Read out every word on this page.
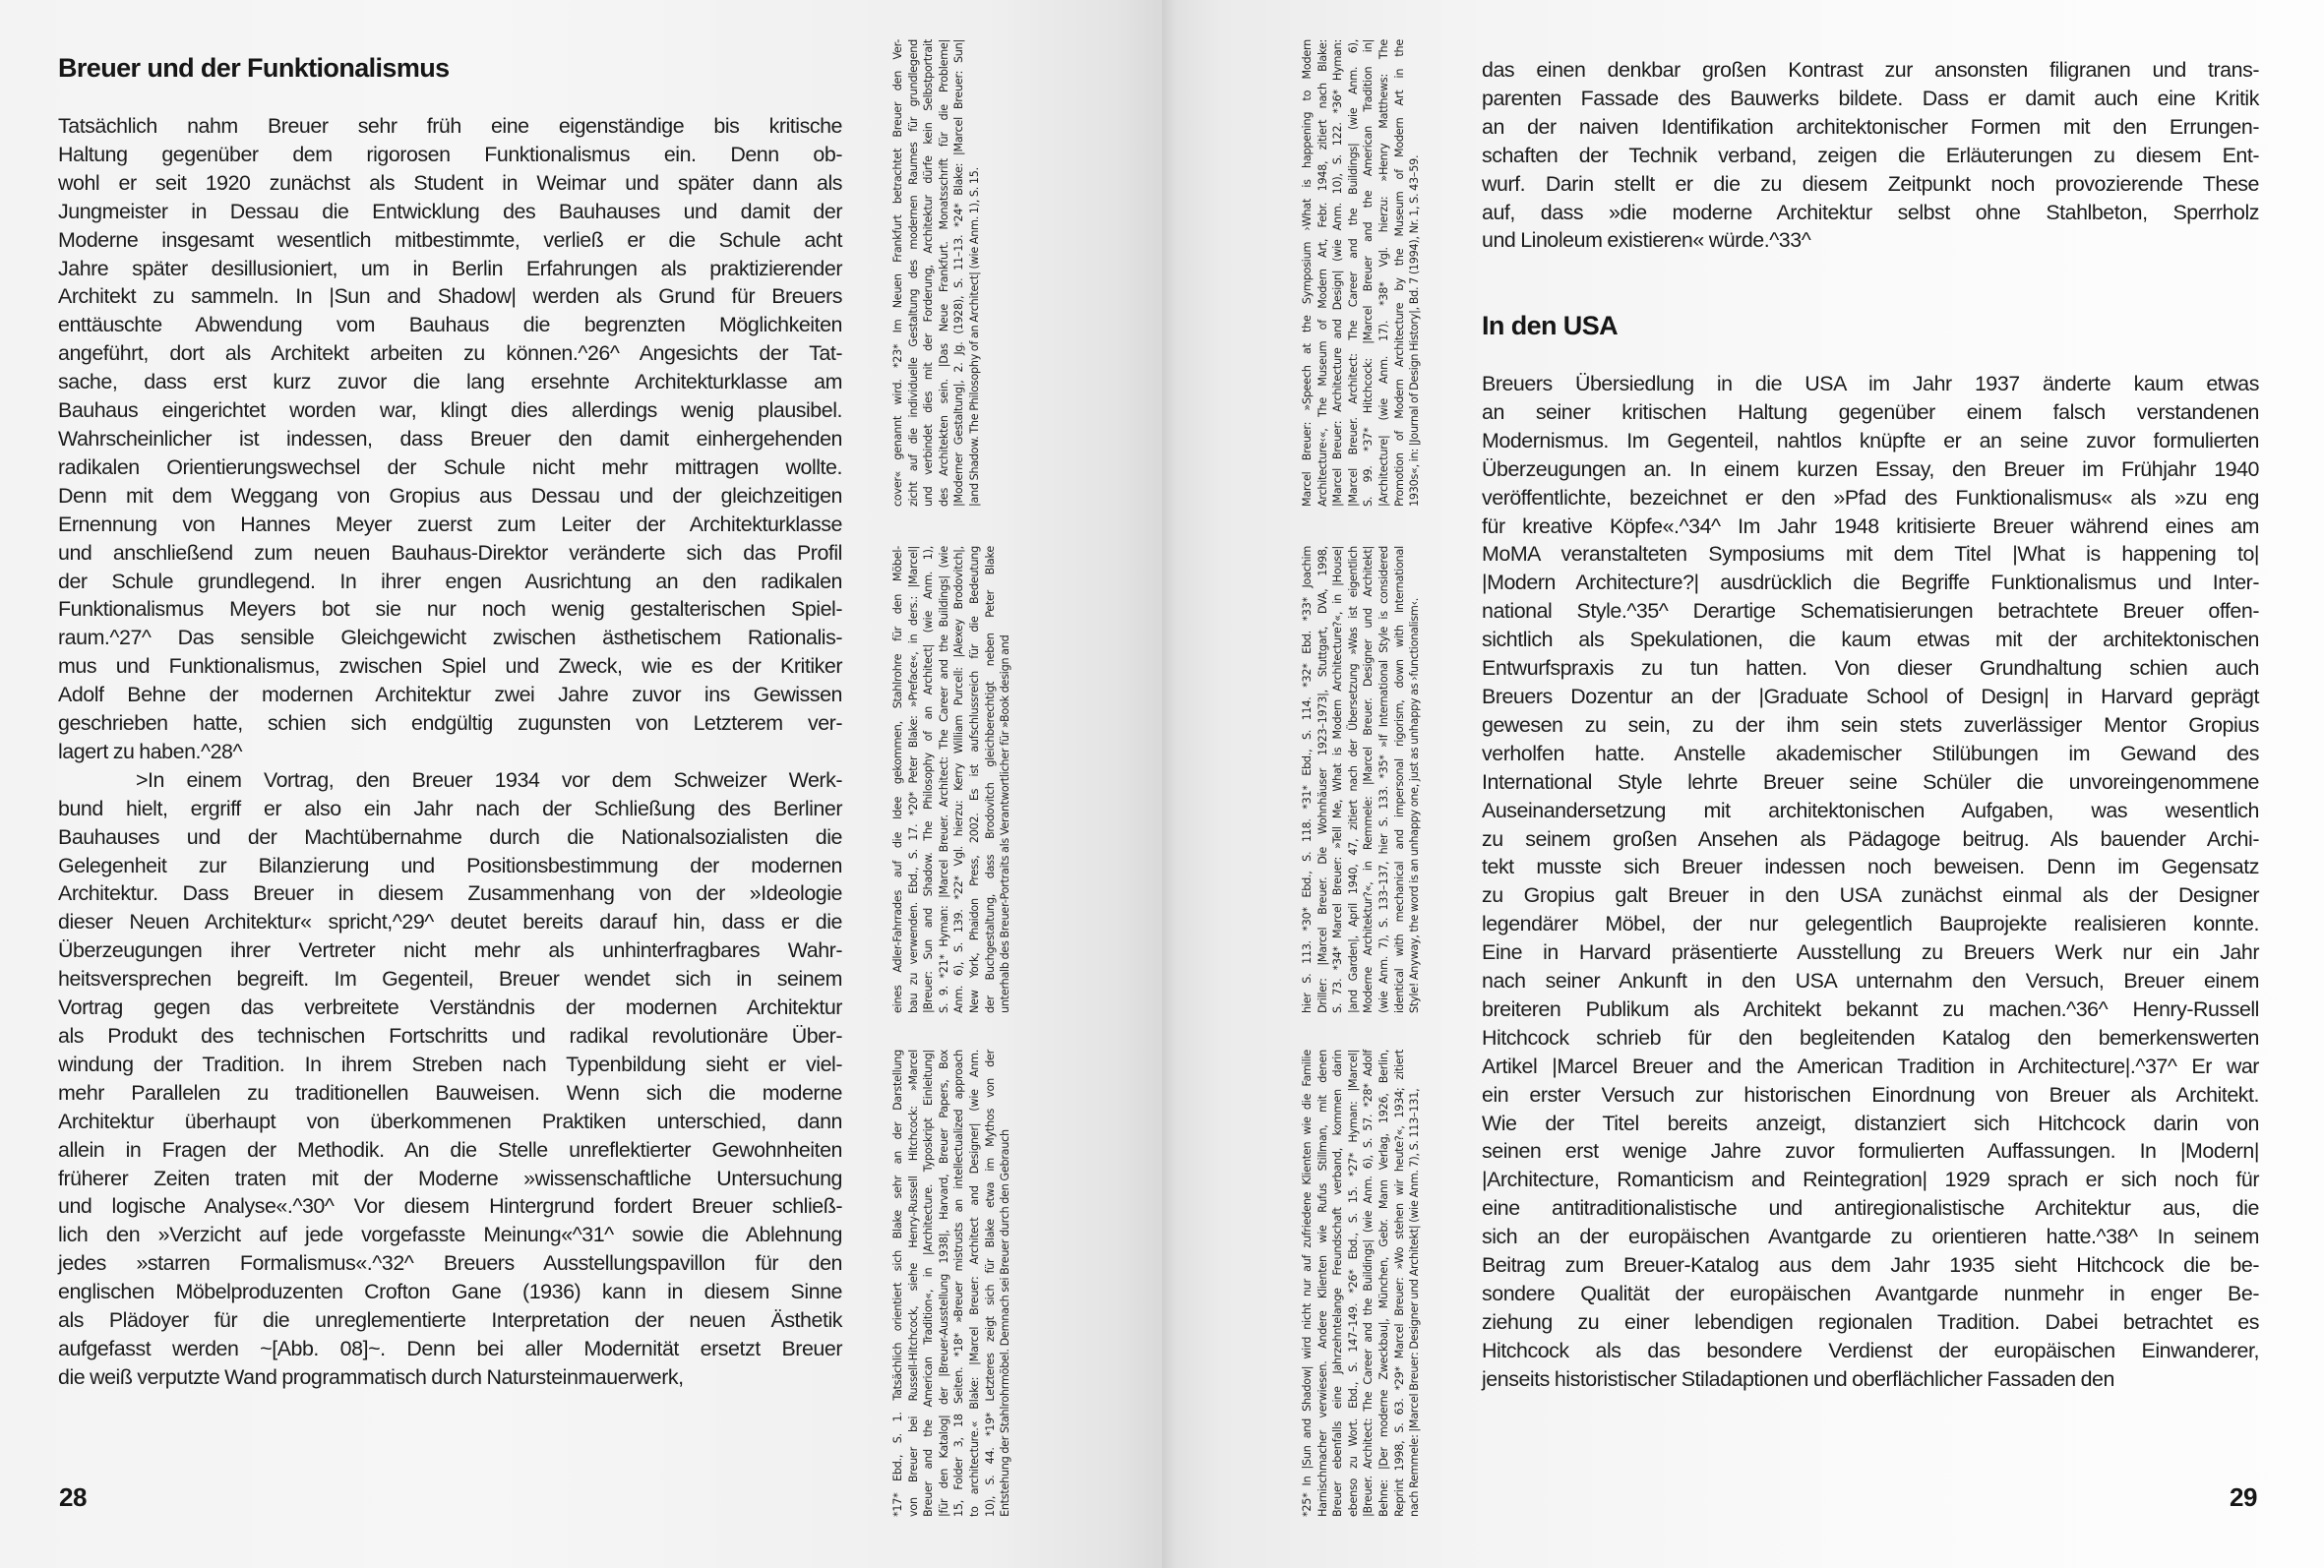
Breuer und der Funktionalismus
Tatsächlich nahm Breuer sehr früh eine eigenständige bis kritische
Haltung gegenüber dem rigorosen Funktionalismus ein. Denn ob-
wohl er seit 1920 zunächst als Student in Weimar und später dann als
Jungmeister in Dessau die Entwicklung des Bauhauses und damit der
Moderne insgesamt wesentlich mitbestimmte, verließ er die Schule acht
Jahre später desillusioniert, um in Berlin Erfahrungen als praktizierender
Architekt zu sammeln. In |Sun and Shadow| werden als Grund für Breuers
enttäuschte Abwendung vom Bauhaus die begrenzten Möglichkeiten
angeführt, dort als Architekt arbeiten zu können.^26^ Angesichts der Tat-
sache, dass erst kurz zuvor die lang ersehnte Architekturklasse am
Bauhaus eingerichtet worden war, klingt dies allerdings wenig plausibel.
Wahrscheinlicher ist indessen, dass Breuer den damit einhergehenden
radikalen Orientierungswechsel der Schule nicht mehr mittragen wollte.
Denn mit dem Weggang von Gropius aus Dessau und der gleichzeitigen
Ernennung von Hannes Meyer zuerst zum Leiter der Architekturklasse
und anschließend zum neuen Bauhaus-Direktor veränderte sich das Profil
der Schule grundlegend. In ihrer engen Ausrichtung an den radikalen
Funktionalismus Meyers bot sie nur noch wenig gestalterischen Spiel-
raum.^27^ Das sensible Gleichgewicht zwischen ästhetischem Rationalis-
mus und Funktionalismus, zwischen Spiel und Zweck, wie es der Kritiker
Adolf Behne der modernen Architektur zwei Jahre zuvor ins Gewissen
geschrieben hatte, schien sich endgültig zugunsten von Letzterem ver-
lagert zu haben.^28^
>In einem Vortrag, den Breuer 1934 vor dem Schweizer Werk-
bund hielt, ergriff er also ein Jahr nach der Schließung des Berliner
Bauhauses und der Machtübernahme durch die Nationalsozialisten die
Gelegenheit zur Bilanzierung und Positionsbestimmung der modernen
Architektur. Dass Breuer in diesem Zusammenhang von der »Ideologie
dieser Neuen Architektur« spricht,^29^ deutet bereits darauf hin, dass er die
Überzeugungen ihrer Vertreter nicht mehr als unhinterfragbares Wahr-
heitsversprechen begreift. Im Gegenteil, Breuer wendet sich in seinem
Vortrag gegen das verbreitete Verständnis der modernen Architektur
als Produkt des technischen Fortschritts und radikal revolutionäre Über-
windung der Tradition. In ihrem Streben nach Typenbildung sieht er viel-
mehr Parallelen zu traditionellen Bauweisen. Wenn sich die moderne
Architektur überhaupt von überkommenen Praktiken unterschied, dann
allein in Fragen der Methodik. An die Stelle unreflektierter Gewohnheiten
früherer Zeiten traten mit der Moderne »wissenschaftliche Untersuchung
und logische Analyse«.^30^ Vor diesem Hintergrund fordert Breuer schließ-
lich den »Verzicht auf jede vorgefasste Meinung«^31^ sowie die Ablehnung
jedes »starren Formalismus«.^32^ Breuers Ausstellungspavillon für den
englischen Möbelproduzenten Crofton Gane (1936) kann in diesem Sinne
als Plädoyer für die unreglementierte Interpretation der neuen Ästhetik
aufgefasst werden ~[Abb. 08]~. Denn bei aller Modernität ersetzt Breuer
die weiß verputzte Wand programmatisch durch Natursteinmauerwerk,	*17* Ebd., S. 1. Tatsächlich orientiert sich Blake sehr an der Darstellung von Breuer bei Russell-Hitchcock, siehe Henry-Russell Hitchcock: »Marcel Breuer and the American Tradition«, in |Architecture. Typoskript Einleitung| |für den Katalog| der |Breuer-Ausstellung 1938|, Harvard, Breuer Papers, Box 15, Folder 3, 18 Seiten. *18* »Breuer mistrusts an intellectualized approach to architecture.« Blake: |Marcel Breuer: Architect and Designer| (wie Anm. 10), S. 44. *19* Letzteres zeigt sich für Blake etwa im Mythos von der Entstehung der Stahlrohrmöbel. Demnach sei Breuer durch den Gebrauch
eines Adler-Fahrrades auf die Idee gekommen, Stahlrohre für den Möbel- bau zu verwenden. Ebd., S. 17. *20* Peter Blake: »Preface«, in ders.: |Marcel| |Breuer: Sun and Shadow. The Philosophy of an Architect| (wie Anm. 1), S. 9. *21* Hyman: |Marcel Breuer. Architect: The Career and the Buildings| (wie Anm. 6), S. 139. *22* Vgl. hierzu: Kerry William Purcell: |Alexey Brodovitch|, New York, Phaidon Press, 2002. Es ist aufschlussreich für die Bedeutung der Buchgestaltung, dass Brodovitch gleichberechtigt neben Peter Blake unterhalb des Breuer-Portraits als Verantwortlicher für »Book design and
cover« genannt wird. *23* Im Neuen Frankfurt betrachtet Breuer den Ver- zicht auf die individuelle Gestaltung des modernen Raumes für grundlegend und verbindet dies mit der Forderung, Architektur dürfe kein Selbstportrait des Architekten sein. |Das Neue Frankfurt. Monatsschrift für die Probleme| |Moderner Gestaltung|, 2. Jg. (1928), S. 11–13. *24* Blake: |Marcel Breuer: Sun| |and Shadow. The Philosophy of an Architect| (wie Anm. 1), S. 15.
28	*25* In |Sun and Shadow| wird nicht nur auf zufriedene Klienten wie die Familie Harnischmacher verwiesen. Andere Klienten wie Rufus Stillman, mit denen Breuer ebenfalls eine Jahrzehntelange Freundschaft verband, kommen darin ebenso zu Wort. Ebd., S. 147–149. *26* Ebd., S. 15. *27* Hyman: |Marcel| |Breuer. Architect: The Career and the Buildings| (wie Anm. 6), S. 57. *28* Adolf Behne: |Der moderne Zweckbau|, München, Gebr. Mann Verlag, 1926, Berlin, Reprint 1998, S. 63. *29* Marcel Breuer: »Wo stehen wir heute?«, 1934; zitiert nach Remmele: |Marcel Breuer: Designer und Architekt| (wie Anm. 7), S. 113–131,
hier S. 113. *30* Ebd., S. 118. *31* Ebd., S. 114. *32* Ebd. *33* Joachim Driller: |Marcel Breuer. Die Wohnhäuser 1923–1973|, Stuttgart, DVA, 1998, S. 73. *34* Marcel Breuer: »Tell Me, What is Modern Architecture?«, in |House| |and Garden|, April 1940, 47, zitiert nach der Übersetzung »Was ist eigentlich Moderne Architektur?«, in Remmele: |Marcel Breuer. Designer und Architekt| (wie Anm. 7), S. 133–137, hier S. 133. *35* »If International Style is considered identical with mechanical and impersonal rigorism, down with International Style! Anyway, the word is an unhappy one, just as unhappy as ›functionalism‹.
Marcel Breuer: »Speech at the Symposium ›What is happening to Modern Architecture‹«, The Museum of Modern Art, Febr. 1948, zitiert nach Blake: |Marcel Breuer: Architecture and Design| (wie Anm. 10), S. 122. *36* Hyman: |Marcel Breuer. Architect: The Career and the Buildings| (wie Anm. 6), S. 99. *37* Hitchcock: |Marcel Breuer and the American Tradition in| |Architecture| (wie Anm. 17). *38* Vgl. hierzu: »Henry Matthews: The Promotion of Modern Architecture by the Museum of Modern Art in the 1930s«, in: |Journal of Design History|, Bd. 7 (1994), Nr. 1, S. 43–59.
das einen denkbar großen Kontrast zur ansonsten filigranen und trans-
parenten Fassade des Bauwerks bildete. Dass er damit auch eine Kritik
an der naiven Identifikation architektonischer Formen mit den Errungen-
schaften der Technik verband, zeigen die Erläuterungen zu diesem Ent-
wurf. Darin stellt er die zu diesem Zeitpunkt noch provozierende These
auf, dass »die moderne Architektur selbst ohne Stahlbeton, Sperrholz
und Linoleum existieren« würde.^33^
In den USA
Breuers Übersiedlung in die USA im Jahr 1937 änderte kaum etwas
an seiner kritischen Haltung gegenüber einem falsch verstandenen
Modernismus. Im Gegenteil, nahtlos knüpfte er an seine zuvor formulierten
Überzeugungen an. In einem kurzen Essay, den Breuer im Frühjahr 1940
veröffentlichte, bezeichnet er den »Pfad des Funktionalismus« als »zu eng
für kreative Köpfe«.^34^ Im Jahr 1948 kritisierte Breuer während eines am
MoMA veranstalteten Symposiums mit dem Titel |What is happening to|
|Modern Architecture?| ausdrücklich die Begriffe Funktionalismus und Inter-
national Style.^35^ Derartige Schematisierungen betrachtete Breuer offen-
sichtlich als Spekulationen, die kaum etwas mit der architektonischen
Entwurfspraxis zu tun hatten. Von dieser Grundhaltung schien auch
Breuers Dozentur an der |Graduate School of Design| in Harvard geprägt
gewesen zu sein, zu der ihm sein stets zuverlässiger Mentor Gropius
verholfen hatte. Anstelle akademischer Stilübungen im Gewand des
International Style lehrte Breuer seine Schüler die unvoreingenommene
Auseinandersetzung mit architektonischen Aufgaben, was wesentlich
zu seinem großen Ansehen als Pädagoge beitrug. Als bauender Archi-
tekt musste sich Breuer indessen noch beweisen. Denn im Gegensatz
zu Gropius galt Breuer in den USA zunächst einmal als der Designer
legendärer Möbel, der nur gelegentlich Bauprojekte realisieren konnte.
Eine in Harvard präsentierte Ausstellung zu Breuers Werk nur ein Jahr
nach seiner Ankunft in den USA unternahm den Versuch, Breuer einem
breiteren Publikum als Architekt bekannt zu machen.^36^ Henry-Russell
Hitchcock schrieb für den begleitenden Katalog den bemerkenswerten
Artikel |Marcel Breuer and the American Tradition in Architecture|.^37^ Er war
ein erster Versuch zur historischen Einordnung von Breuer als Architekt.
Wie der Titel bereits anzeigt, distanziert sich Hitchcock darin von
seinen erst wenige Jahre zuvor formulierten Auffassungen. In |Modern|
|Architecture, Romanticism and Reintegration| 1929 sprach er sich noch für
eine antitraditionalistische und antiregionalistische Architektur aus, die
sich an der europäischen Avantgarde zu orientieren hatte.^38^ In seinem
Beitrag zum Breuer-Katalog aus dem Jahr 1935 sieht Hitchcock die be-
sondere Qualität der europäischen Avantgarde nunmehr in enger Be-
ziehung zu einer lebendigen regionalen Tradition. Dabei betrachtet es
Hitchcock als das besondere Verdienst der europäischen Einwanderer,
jenseits historistischer Stiladaptionen und oberflächlicher Fassaden den
29
